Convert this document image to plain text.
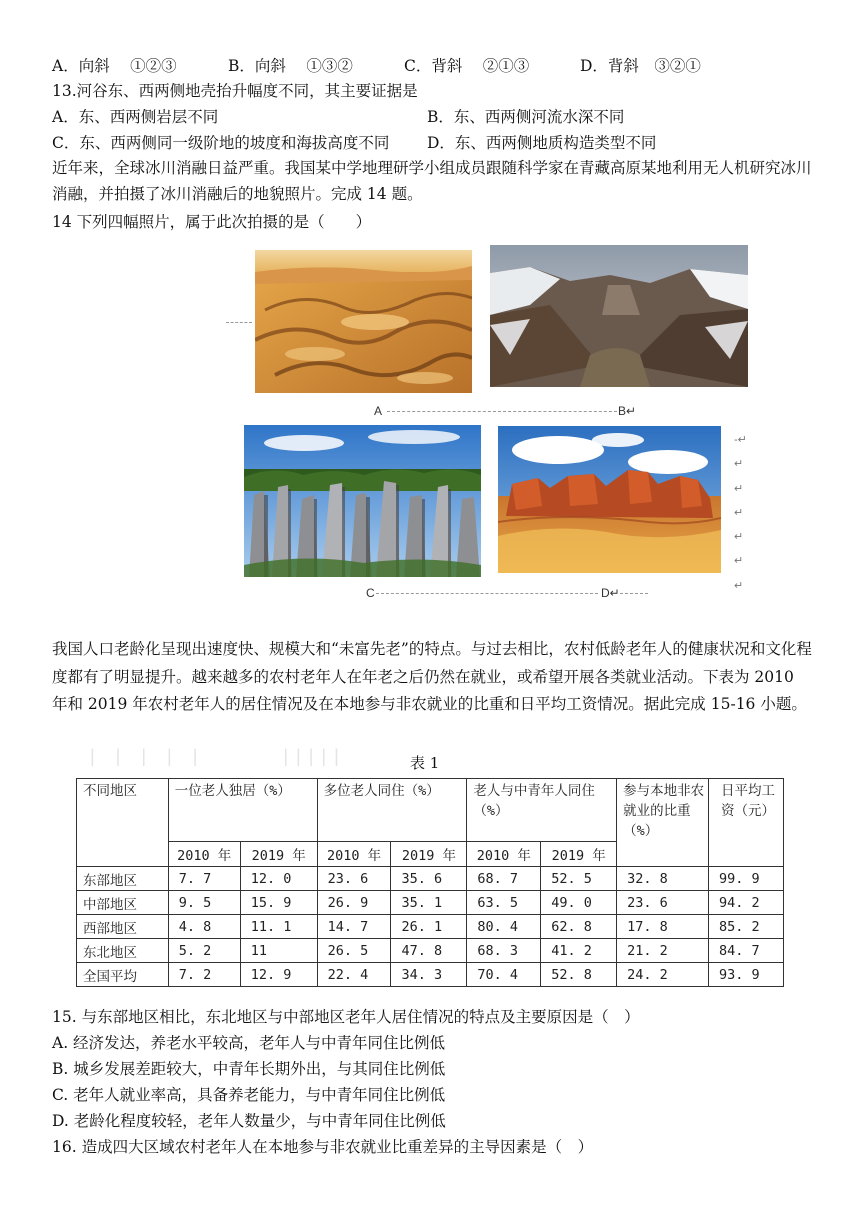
A．向斜　 ①②③	B．向斜　 ①③②	C．背斜　 ②①③	D．背斜　③②①
13.河谷东、西两侧地壳抬升幅度不同，其主要证据是
A．东、西两侧岩层不同	B．东、西两侧河流水深不同
C．东、西两侧同一级阶地的坡度和海拔高度不同 D．东、西两侧地质构造类型不同
近年来，全球冰川消融日益严重。我国某中学地理研学小组成员跟随科学家在青藏高原某地利用无人机研究冰川消融，并拍摄了冰川消融后的地貌照片。完成 14 题。
14 下列四幅照片，属于此次拍摄的是（　　）
A	B↵
-↵
↵
↵
↵
↵
↵
↵
C	D↵
我国人口老龄化呈现出速度快、规模大和“未富先老”的特点。与过去相比，农村低龄老年人的健康状况和文化程度都有了明显提升。越来越多的农村老年人在年老之后仍然在就业，或希望开展各类就业活动。下表为 2010 年和 2019 年农村老年人的居住情况及在本地参与非农就业的比重和日平均工资情况。据此完成 15-16 小题。
| | | | |　　　|||||	表 1
不同地区	一位老人独居（%）		多位老人同住（%）		老人与中青年人同住（%）		参与本地非农就业的比重（%）	日平均工　资（元）
	2010 年	2019 年	2010 年	2019 年	2010 年	2019 年		
东部地区	7. 7	12. 0	23. 6	35. 6	68. 7	52. 5	32. 8	99. 9
中部地区	9. 5	15. 9	26. 9	35. 1	63. 5	49. 0	23. 6	94. 2
西部地区	4. 8	11. 1	14. 7	26. 1	80. 4	62. 8	17. 8	85. 2
东北地区	5. 2	11	26. 5	47. 8	68. 3	41. 2	21. 2	84. 7
全国平均	7. 2	12. 9	22. 4	34. 3	70. 4	52. 8	24. 2	93. 9
15. 与东部地区相比，东北地区与中部地区老年人居住情况的特点及主要原因是（　）
A. 经济发达，养老水平较高，老年人与中青年同住比例低
B. 城乡发展差距较大，中青年长期外出，与其同住比例低
C. 老年人就业率高，具备养老能力，与中青年同住比例低
D. 老龄化程度较轻，老年人数量少，与中青年同住比例低
16. 造成四大区域农村老年人在本地参与非农就业比重差异的主导因素是（　）
